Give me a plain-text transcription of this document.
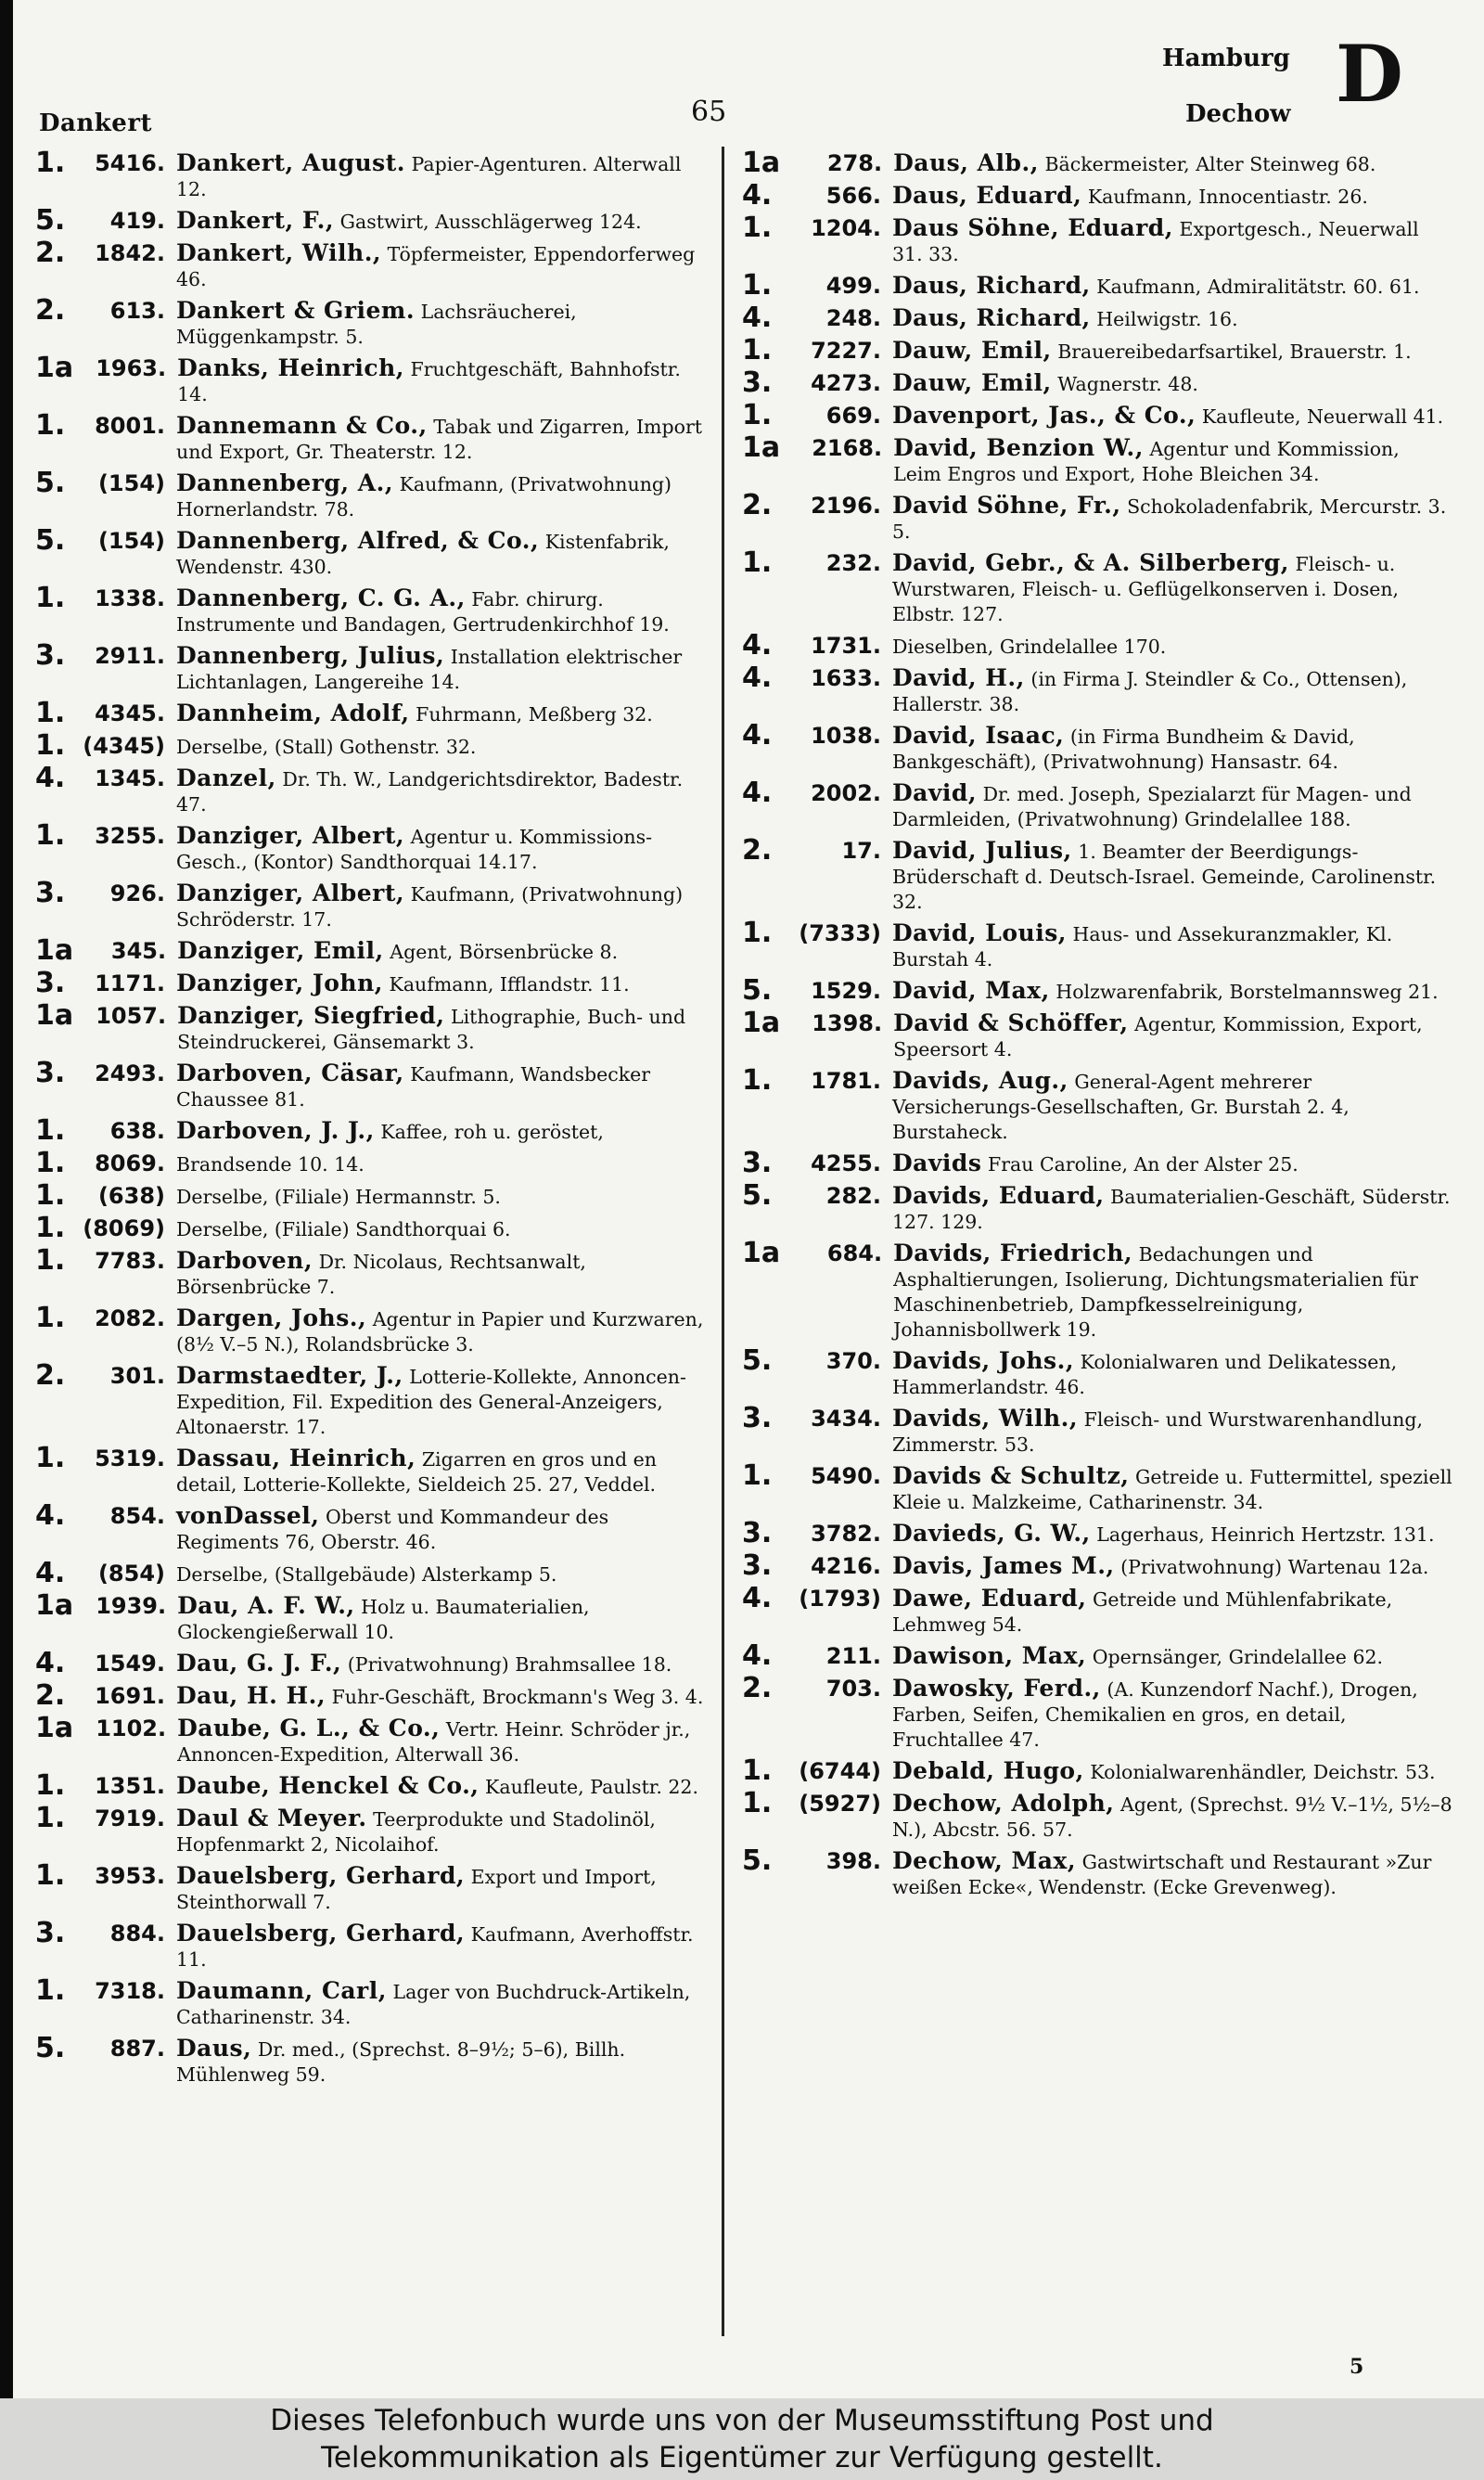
Dankert	65
Hamburg
Dechow D
1.	5416. Dankert, August. Papier-Agenturen. Alterwall 12.
5.	419. Dankert, F., Gastwirt, Ausschlägerweg 124.
2.	1842. Dankert, Wilh., Töpfermeister, Eppendorferweg 46.
2.	613. Dankert & Griem. Lachsräucherei, Müggenkampstr. 5.
1a	1963. Danks, Heinrich, Fruchtgeschäft, Bahnhofstr. 14.
1.	8001. Dannemann & Co., Tabak und Zigarren, Import und Export, Gr. Theaterstr. 12.
5.	(154) Dannenberg, A., Kaufmann, (Privatwohnung) Hornerlandstr. 78.
5.	(154) Dannenberg, Alfred, & Co., Kistenfabrik, Wendenstr. 430.
1.	1338. Dannenberg, C. G. A., Fabr. chirurg. Instrumente und Bandagen, Gertrudenkirchhof 19.
3.	2911. Dannenberg, Julius, Installation elektrischer Lichtanlagen, Langereihe 14.
1.	4345. Dannheim, Adolf, Fuhrmann, Meßberg 32.
1. (4345) Derselbe, (Stall) Gothenstr. 32.
4.	1345. Danzel, Dr. Th. W., Landgerichtsdirektor, Badestr. 47.
1.	3255. Danziger, Albert, Agentur u. Kommissions-Gesch., (Kontor) Sandthorquai 14.17.
3.	926. Danziger, Albert, Kaufmann, (Privatwohnung) Schröderstr. 17.
1a	345. Danziger, Emil, Agent, Börsenbrücke 8.
3.	1171. Danziger, John, Kaufmann, Ifflandstr. 11.
1a	1057. Danziger, Siegfried, Lithographie, Buch- und Steindruckerei, Gänsemarkt 3.
3.	2493. Darboven, Cäsar, Kaufmann, Wandsbecker Chaussee 81.
1.	638. Darboven, J. J., Kaffee, roh u. geröstet,
1.	8069. Brandsende 10. 14.
1.	(638) Derselbe, (Filiale) Hermannstr. 5.
1. (8069) Derselbe, (Filiale) Sandthorquai 6.
1.	7783. Darboven, Dr. Nicolaus, Rechtsanwalt, Börsenbrücke 7.
1.	2082. Dargen, Johs., Agentur in Papier und Kurzwaren, (8½ V.–5 N.), Rolandsbrücke 3.
2.	301. Darmstaedter, J., Lotterie-Kollekte, Annoncen-Expedition, Fil. Expedition des General-Anzeigers, Altonaerstr. 17.
1.	5319. Dassau, Heinrich, Zigarren en gros und en detail, Lotterie-Kollekte, Sieldeich 25. 27, Veddel.
4.	854. vonDassel, Oberst und Kommandeur des Regiments 76, Oberstr. 46.
4.	(854) Derselbe, (Stallgebäude) Alsterkamp 5.
1a	1939. Dau, A. F. W., Holz u. Baumaterialien, Glockengießerwall 10.
4.	1549. Dau, G. J. F., (Privatwohnung) Brahmsallee 18.
2.	1691. Dau, H. H., Fuhr-Geschäft, Brockmann's Weg 3. 4.
1a	1102. Daube, G. L., & Co., Vertr. Heinr. Schröder jr., Annoncen-Expedition, Alterwall 36.
1.	1351. Daube, Henckel & Co., Kaufleute, Paulstr. 22.
1.	7919. Daul & Meyer. Teerprodukte und Stadolinöl, Hopfenmarkt 2, Nicolaihof.
1.	3953. Dauelsberg, Gerhard, Export und Import, Steinthorwall 7.
3.	884. Dauelsberg, Gerhard, Kaufmann, Averhoffstr. 11.
1.	7318. Daumann, Carl, Lager von Buchdruck-Artikeln, Catharinenstr. 34.
5.	887. Daus, Dr. med., (Sprechst. 8–9½; 5–6), Billh. Mühlenweg 59.
1a	278. Daus, Alb., Bäckermeister, Alter Steinweg 68.
4.	566. Daus, Eduard, Kaufmann, Innocentiastr. 26.
1.	1204. Daus Söhne, Eduard, Exportgesch., Neuerwall 31. 33.
1.	499. Daus, Richard, Kaufmann, Admiralitätstr. 60. 61.
4.	248. Daus, Richard, Heilwigstr. 16.
1.	7227. Dauw, Emil, Brauereibedarfsartikel, Brauerstr. 1.
3.	4273. Dauw, Emil, Wagnerstr. 48.
1.	669. Davenport, Jas., & Co., Kaufleute, Neuerwall 41.
1a	2168. David, Benzion W., Agentur und Kommission, Leim Engros und Export, Hohe Bleichen 34.
2.	2196. David Söhne, Fr., Schokoladenfabrik, Mercurstr. 3. 5.
1.	232. David, Gebr., & A. Silberberg, Fleisch- u. Wurstwaren, Fleisch- u. Geflügelkonserven i. Dosen, Elbstr. 127.
4.	1731. Dieselben, Grindelallee 170.
4.	1633. David, H., (in Firma J. Steindler & Co., Ottensen), Hallerstr. 38.
4.	1038. David, Isaac, (in Firma Bundheim & David, Bankgeschäft), (Privatwohnung) Hansastr. 64.
4.	2002. David, Dr. med. Joseph, Spezialarzt für Magen- und Darmleiden, (Privatwohnung) Grindelallee 188.
2.	17. David, Julius, 1. Beamter der Beerdigungs-Brüderschaft d. Deutsch-Israel. Gemeinde, Carolinenstr. 32.
1.	(7333) David, Louis, Haus- und Assekuranzmakler, Kl. Burstah 4.
5.	1529. David, Max, Holzwarenfabrik, Borstelmannsweg 21.
1a	1398. David & Schöffer, Agentur, Kommission, Export, Speersort 4.
1.	1781. Davids, Aug., General-Agent mehrerer Versicherungs-Gesellschaften, Gr. Burstah 2. 4, Burstaheck.
3.	4255. Davids Frau Caroline, An der Alster 25.
5.	282. Davids, Eduard, Baumaterialien-Geschäft, Süderstr. 127. 129.
1a	684. Davids, Friedrich, Bedachungen und Asphaltierungen, Isolierung, Dichtungsmaterialien für Maschinenbetrieb, Dampfkesselreinigung, Johannisbollwerk 19.
5.	370. Davids, Johs., Kolonialwaren und Delikatessen, Hammerlandstr. 46.
3.	3434. Davids, Wilh., Fleisch- und Wurstwarenhandlung, Zimmerstr. 53.
1.	5490. Davids & Schultz, Getreide u. Futtermittel, speziell Kleie u. Malzkeime, Catharinenstr. 34.
3.	3782. Davieds, G. W., Lagerhaus, Heinrich Hertzstr. 131.
3.	4216. Davis, James M., (Privatwohnung) Wartenau 12a.
4.	(1793) Dawe, Eduard, Getreide und Mühlenfabrikate, Lehmweg 54.
4.	211. Dawison, Max, Opernsänger, Grindelallee 62.
2.	703. Dawosky, Ferd., (A. Kunzendorf Nachf.), Drogen, Farben, Seifen, Chemikalien en gros, en detail, Fruchtallee 47.
1.	(6744) Debald, Hugo, Kolonialwarenhändler, Deichstr. 53.
1.	(5927) Dechow, Adolph, Agent, (Sprechst. 9½ V.–1½, 5½–8 N.), Abcstr. 56. 57.
5.	398. Dechow, Max, Gastwirtschaft und Restaurant »Zur weißen Ecke«, Wendenstr. (Ecke Grevenweg).
5
Dieses Telefonbuch wurde uns von der Museumsstiftung Post und
Telekommunikation als Eigentümer zur Verfügung gestellt.
